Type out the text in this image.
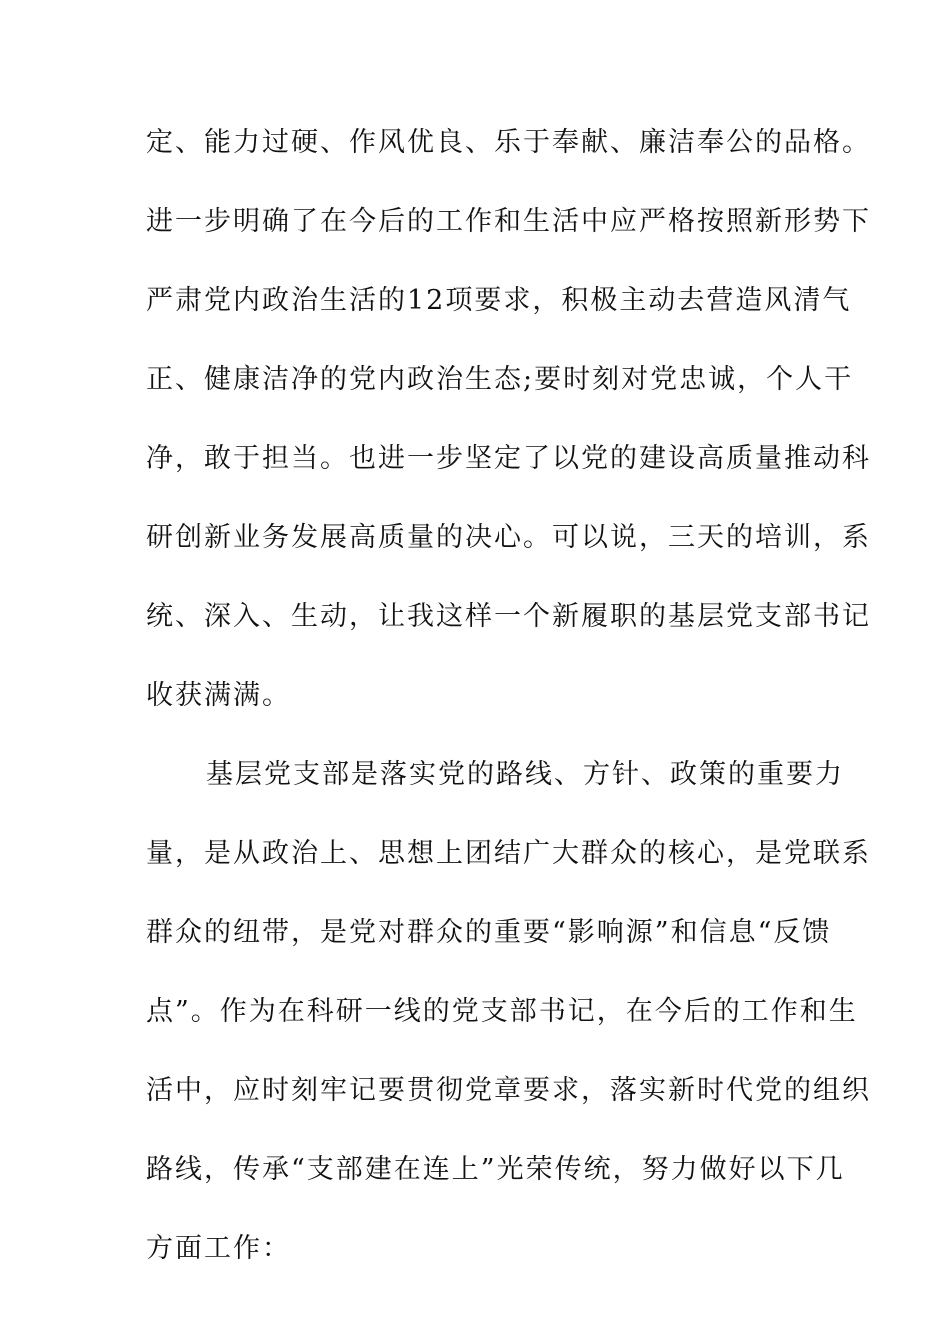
定、能力过硬、作风优良、乐于奉献、廉洁奉公的品格。
进一步明确了在今后的工作和生活中应严格按照新形势下
严肃党内政治生活的12项要求，积极主动去营造风清气
正、健康洁净的党内政治生态;要时刻对党忠诚，个人干
净，敢于担当。也进一步坚定了以党的建设高质量推动科
研创新业务发展高质量的决心。可以说，三天的培训，系
统、深入、生动，让我这样一个新履职的基层党支部书记
收获满满。
基层党支部是落实党的路线、方针、政策的重要力
量，是从政治上、思想上团结广大群众的核心，是党联系
群众的纽带，是党对群众的重要“影响源”和信息“反馈
点”。作为在科研一线的党支部书记，在今后的工作和生
活中，应时刻牢记要贯彻党章要求，落实新时代党的组织
路线，传承“支部建在连上”光荣传统，努力做好以下几
方面工作：
